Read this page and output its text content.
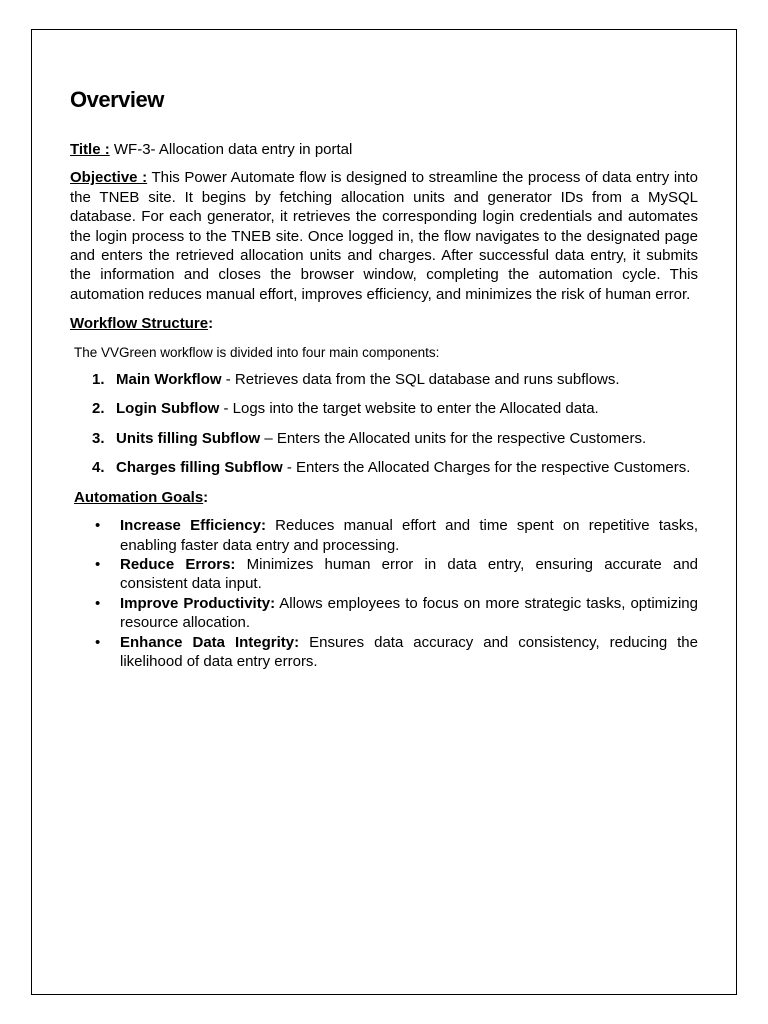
Overview

Title : WF-3- Allocation data entry in portal

Objective : This Power Automate flow is designed to streamline the process of data entry into the TNEB site. It begins by fetching allocation units and generator IDs from a MySQL database. For each generator, it retrieves the corresponding login credentials and automates the login process to the TNEB site. Once logged in, the flow navigates to the designated page and enters the retrieved allocation units and charges. After successful data entry, it submits the information and closes the browser window, completing the automation cycle. This automation reduces manual effort, improves efficiency, and minimizes the risk of human error.

Workflow Structure:

The VVGreen workflow is divided into four main components:

1. Main Workflow - Retrieves data from the SQL database and runs subflows.
2. Login Subflow - Logs into the target website to enter the Allocated data.
3. Units filling Subflow – Enters the Allocated units for the respective Customers.
4. Charges filling Subflow - Enters the Allocated Charges for the respective Customers.

Automation Goals:

• Increase Efficiency: Reduces manual effort and time spent on repetitive tasks, enabling faster data entry and processing.
• Reduce Errors: Minimizes human error in data entry, ensuring accurate and consistent data input.
• Improve Productivity: Allows employees to focus on more strategic tasks, optimizing resource allocation.
• Enhance Data Integrity: Ensures data accuracy and consistency, reducing the likelihood of data entry errors.
